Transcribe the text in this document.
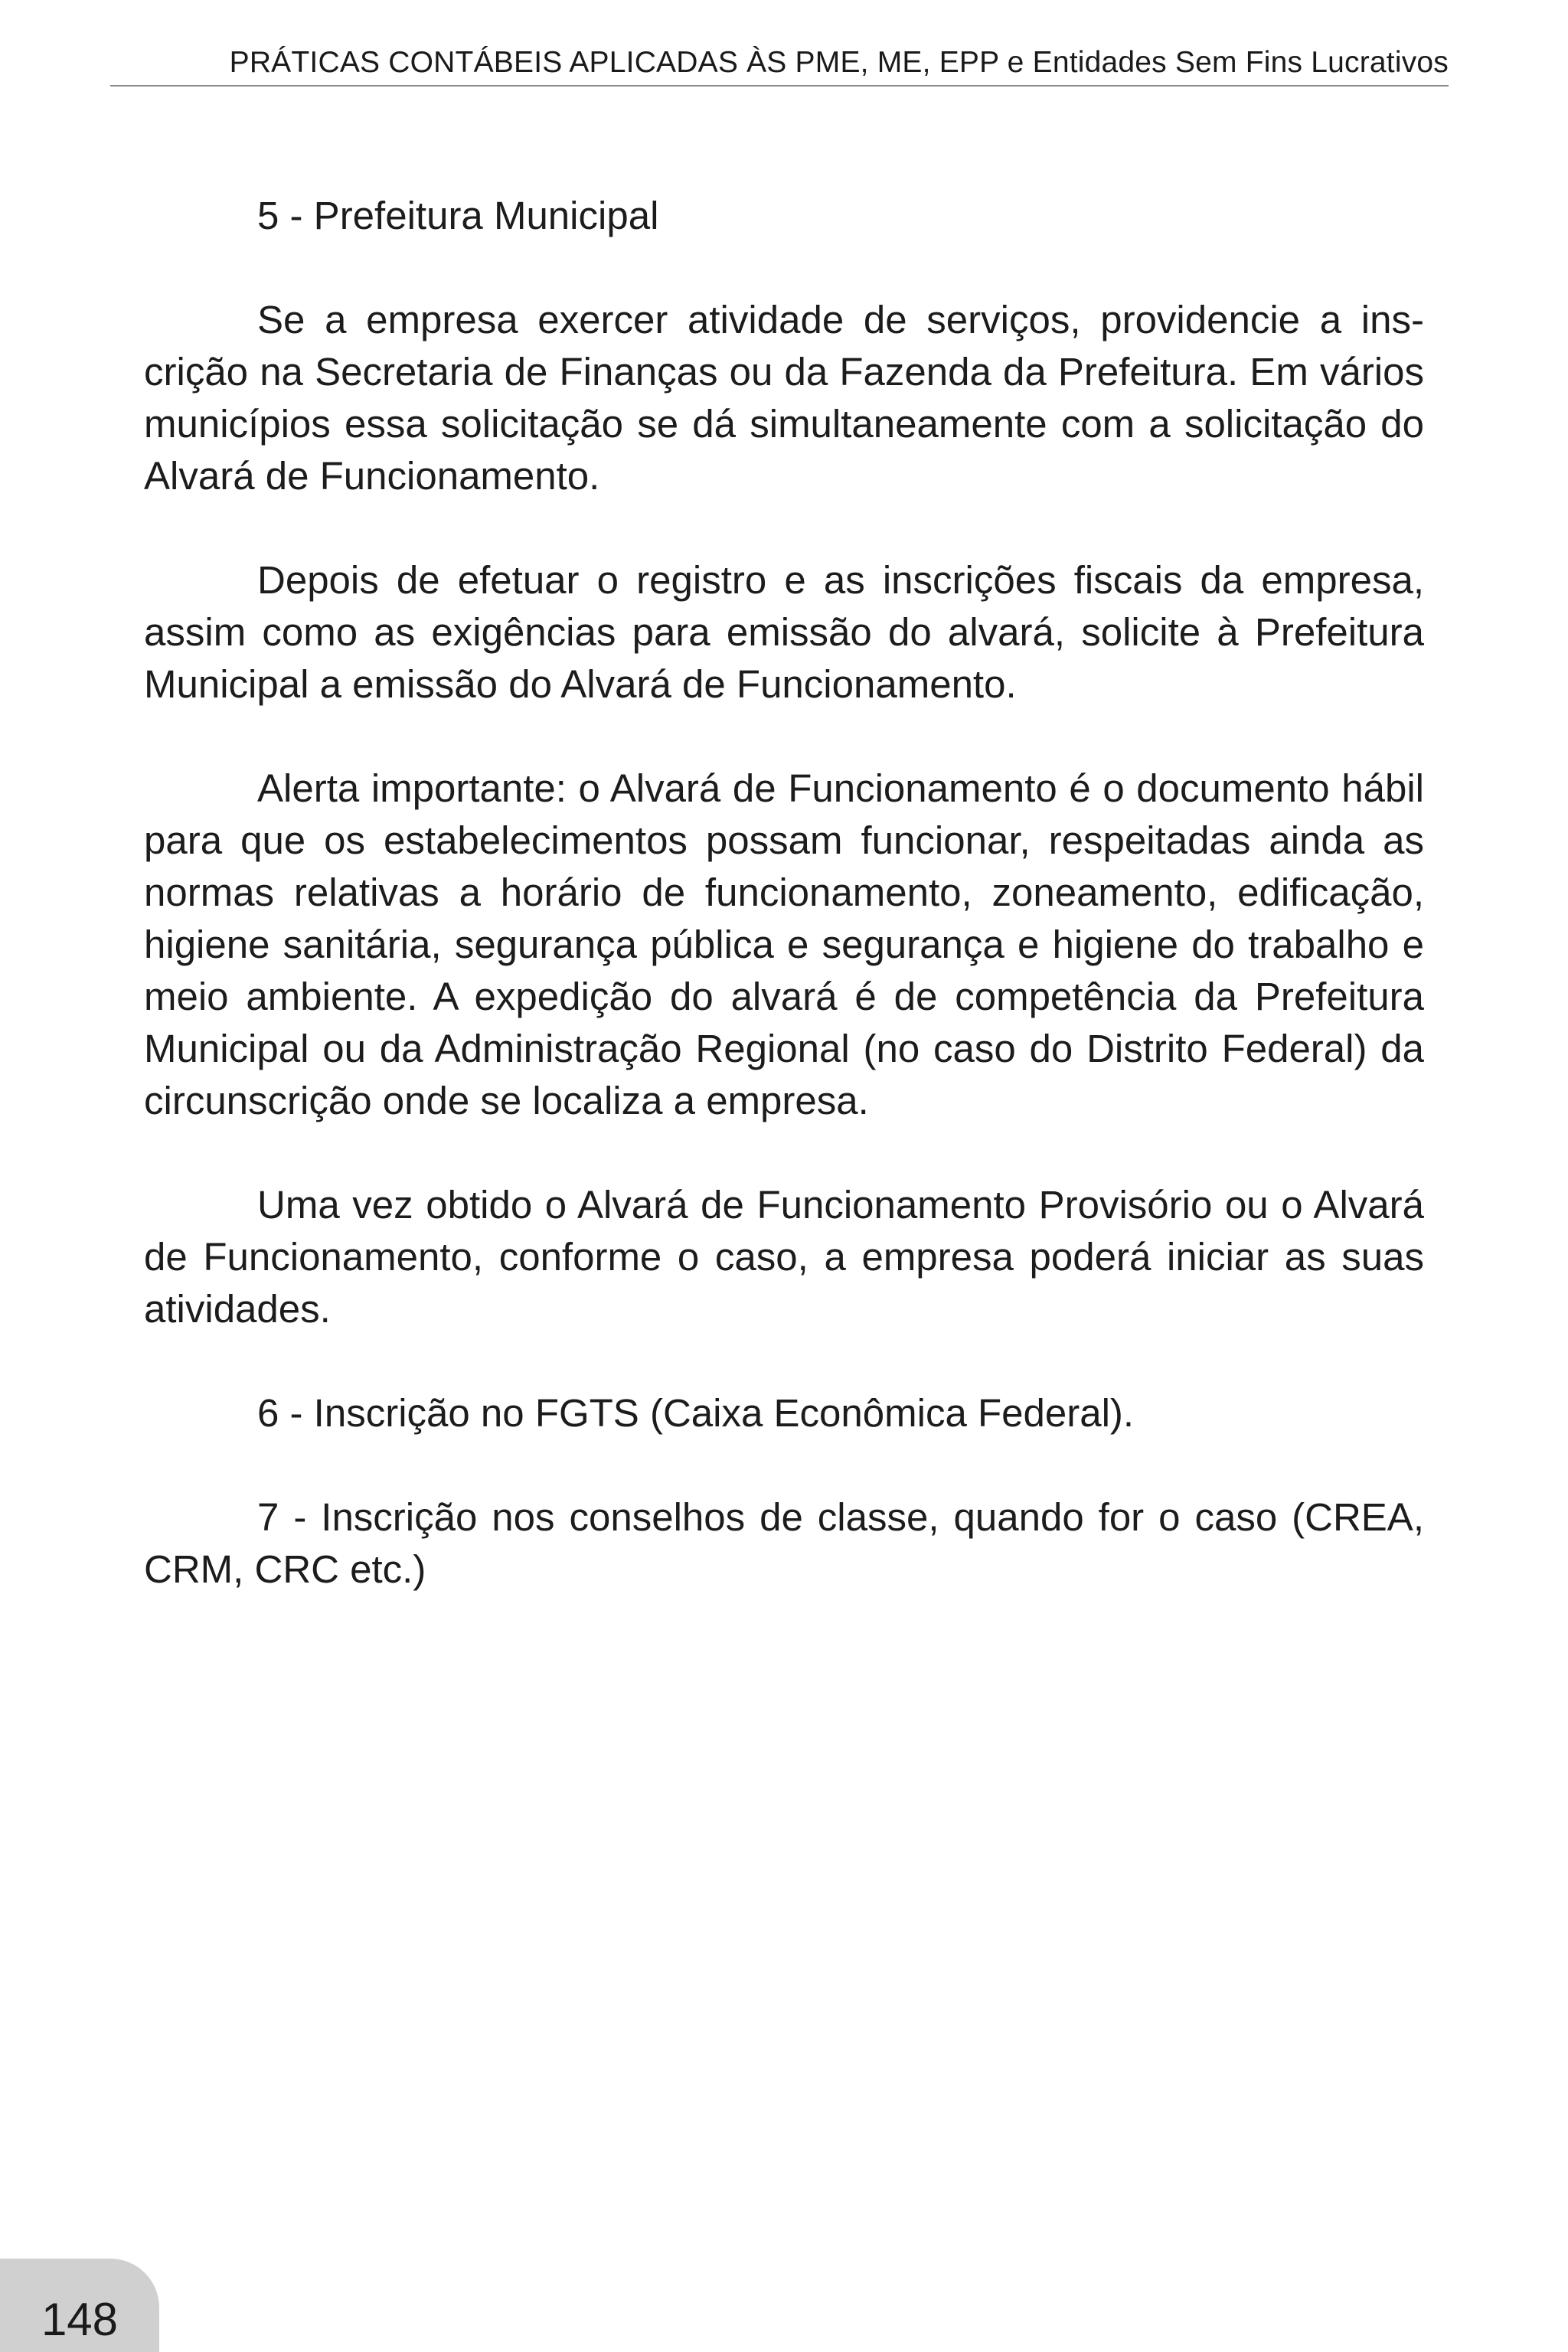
PRÁTICAS CONTÁBEIS APLICADAS ÀS PME, ME, EPP e Entidades Sem Fins Lucrativos

5 - Prefeitura Municipal

Se a empresa exercer atividade de serviços, providencie a inscrição na Secretaria de Finanças ou da Fazenda da Prefeitura. Em vários municípios essa solicitação se dá simultaneamente com a solicitação do Alvará de Funcionamento.

Depois de efetuar o registro e as inscrições fiscais da empresa, assim como as exigências para emissão do alvará, solicite à Prefeitura Municipal a emissão do Alvará de Funcionamento.

Alerta importante: o Alvará de Funcionamento é o documento hábil para que os estabelecimentos possam funcionar, respeitadas ainda as normas relativas a horário de funcionamento, zoneamento, edificação, higiene sanitária, segurança pública e segurança e higiene do trabalho e meio ambiente. A expedição do alvará é de competência da Prefeitura Municipal ou da Administração Regional (no caso do Distrito Federal) da circunscrição onde se localiza a empresa.

Uma vez obtido o Alvará de Funcionamento Provisório ou o Alvará de Funcionamento, conforme o caso, a empresa poderá iniciar as suas atividades.

6 - Inscrição no FGTS (Caixa Econômica Federal).

7 - Inscrição nos conselhos de classe, quando for o caso (CREA, CRM, CRC etc.)

148
